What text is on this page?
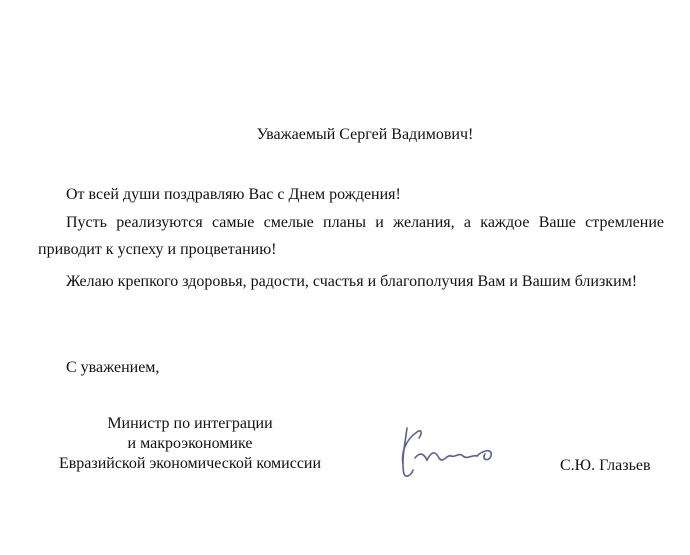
Уважаемый Сергей Вадимович!

От всей души поздравляю Вас с Днем рождения!

Пусть реализуются самые смелые планы и желания, а каждое Ваше стремление приводит к успеху и процветанию!

Желаю крепкого здоровья, радости, счастья и благополучия Вам и Вашим близким!

С уважением,
Министр по интеграции
и макроэкономике
Евразийской экономической комиссии	С.Ю. Глазьев
